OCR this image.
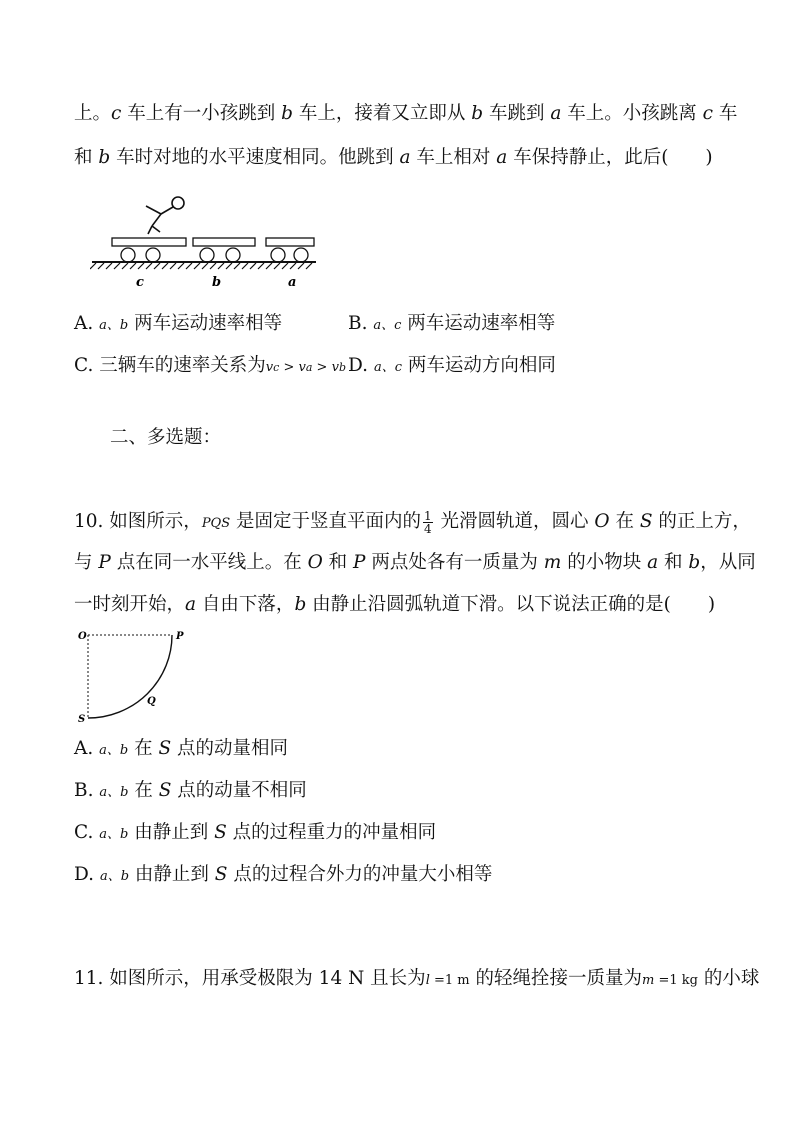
上。c 车上有一小孩跳到 b 车上，接着又立即从 b 车跳到 a 车上。小孩跳离 c 车
和 b 车时对地的水平速度相同。他跳到 a 车上相对 a 车保持静止，此后(　　)
c	b	a
A. a、b 两车运动速率相等	B. a、c 两车运动速率相等
C. 三辆车的速率关系为vc > va > vb D. a、c 两车运动方向相同
二、多选题：
10. 如图所示，PQS 是固定于竖直平面内的 $\frac{1}{4}$ 光滑圆轨道，圆心 O 在 S 的正上方，
与 P 点在同一水平线上。在 O 和 P 两点处各有一质量为 m 的小物块 a 和 b，从同
一时刻开始，a 自由下落，b 由静止沿圆弧轨道下滑。以下说法正确的是(　　)
O	P
Q
S
A. a、b 在 S 点的动量相同
B. a、b 在 S 点的动量不相同
C. a、b 由静止到 S 点的过程重力的冲量相同
D. a、b 由静止到 S 点的过程合外力的冲量大小相等
11. 如图所示，用承受极限为 14 N 且长为l =1 m 的轻绳拴接一质量为m =1 kg 的小球
